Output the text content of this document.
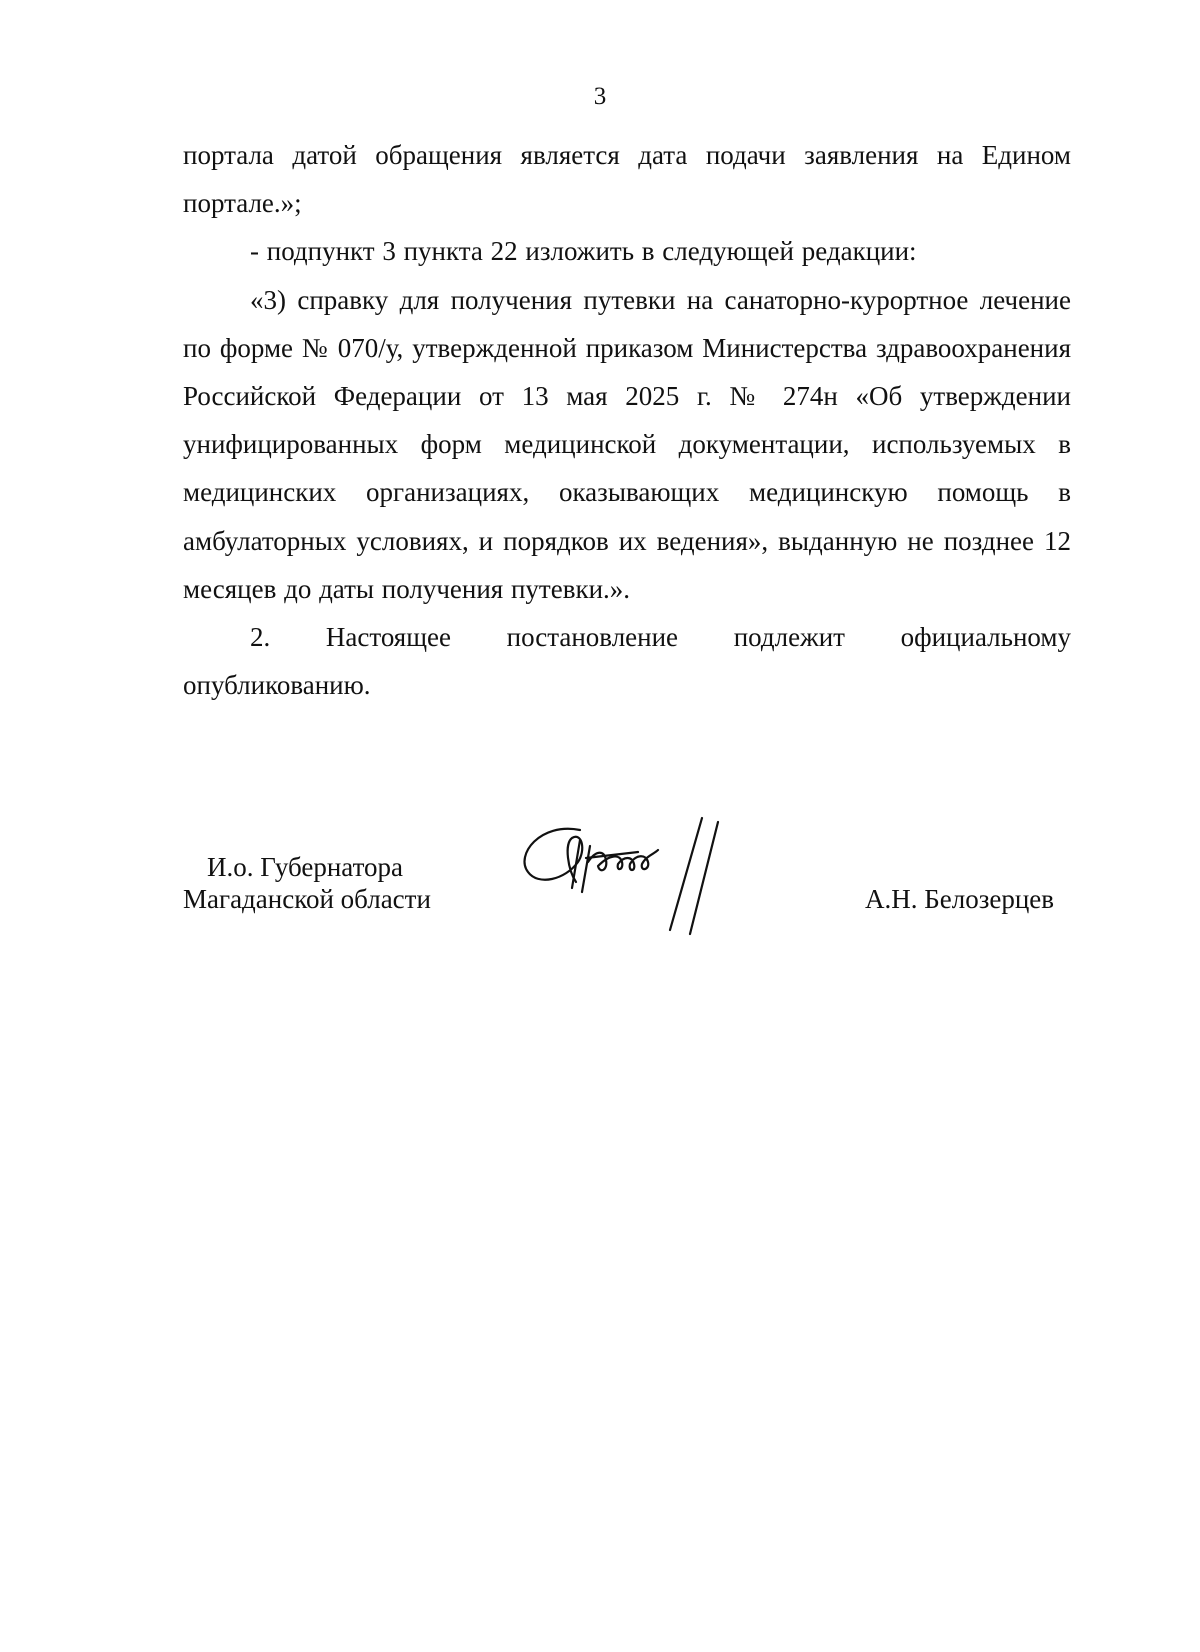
3

портала датой обращения является дата подачи заявления на Едином портале.»;

- подпункт 3 пункта 22 изложить в следующей редакции:

«3) справку для получения путевки на санаторно-курортное лечение по форме № 070/у, утвержденной приказом Министерства здравоохранения Российской Федерации от 13 мая 2025 г. № 274н «Об утверждении унифицированных форм медицинской документации, используемых в медицинских организациях, оказывающих медицинскую помощь в амбулаторных условиях, и порядков их ведения», выданную не позднее 12 месяцев до даты получения путевки.».

2. Настоящее постановление подлежит официальному опубликованию.

И.о. Губернатора
Магаданской области	А.Н. Белозерцев
